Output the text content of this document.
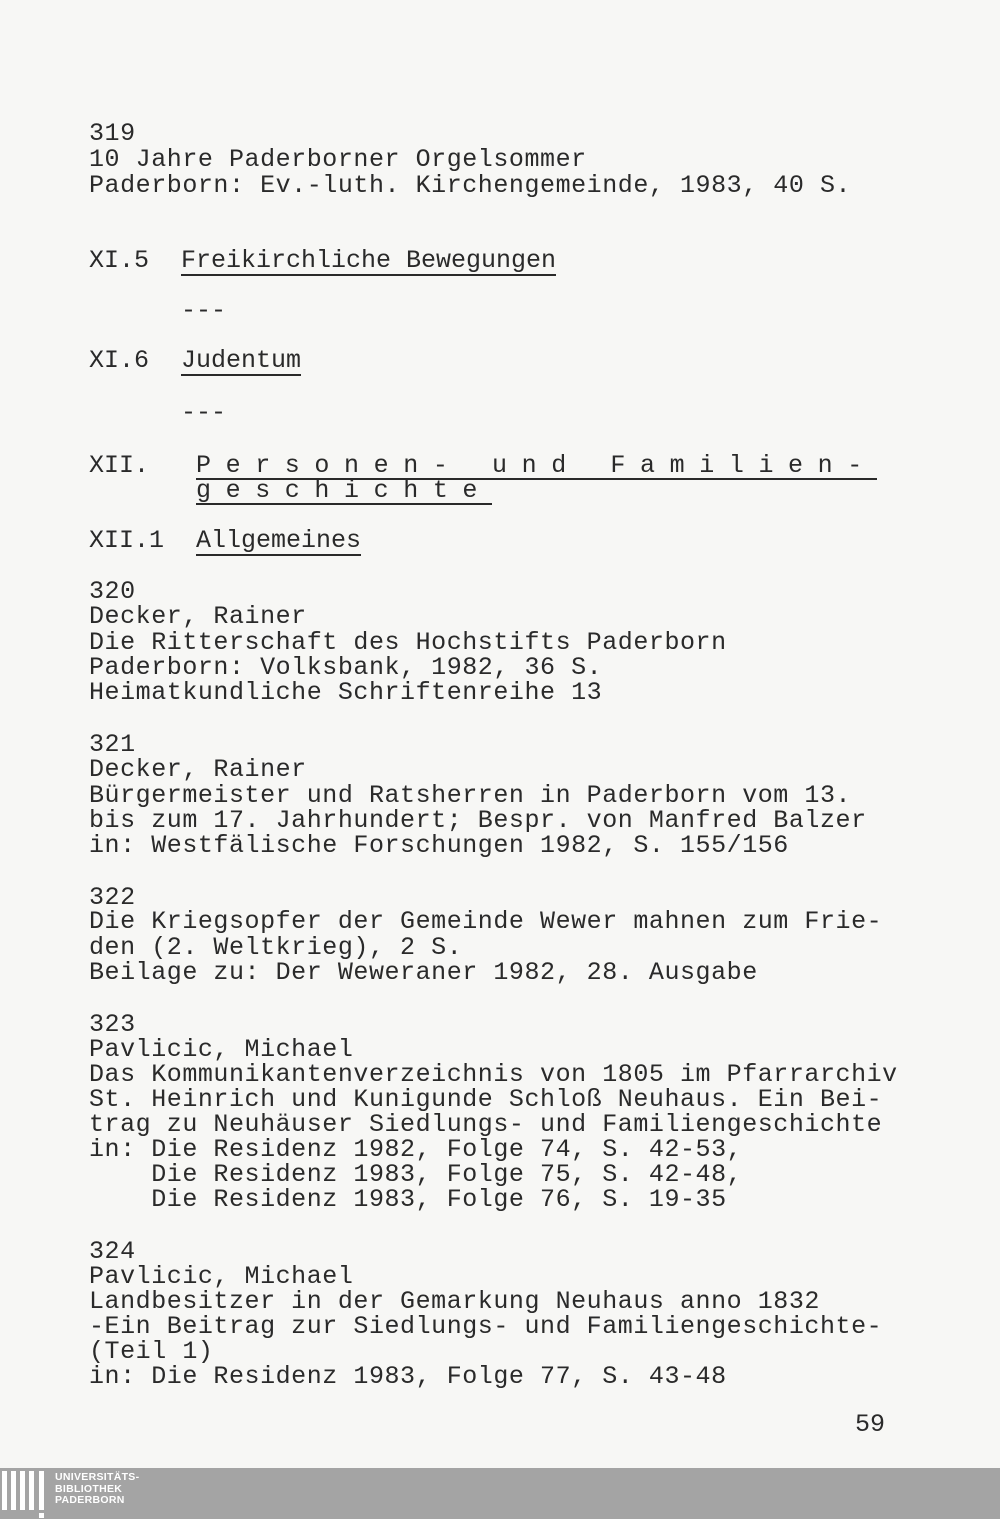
319
10 Jahre Paderborner Orgelsommer
Paderborn: Ev.-luth. Kirchengemeinde, 1983, 40 S.
XI.5 Freikirchliche Bewegungen
---
XI.6 Judentum
---
XII. Personen- und Familien-
geschichte
XII.1 Allgemeines
320
Decker, Rainer
Die Ritterschaft des Hochstifts Paderborn
Paderborn: Volksbank, 1982, 36 S.
Heimatkundliche Schriftenreihe 13
321
Decker, Rainer
Bürgermeister und Ratsherren in Paderborn vom 13.
bis zum 17. Jahrhundert; Bespr. von Manfred Balzer
in: Westfälische Forschungen 1982, S. 155/156
322
Die Kriegsopfer der Gemeinde Wewer mahnen zum Frie-
den (2. Weltkrieg), 2 S.
Beilage zu: Der Weweraner 1982, 28. Ausgabe
323
Pavlicic, Michael
Das Kommunikantenverzeichnis von 1805 im Pfarrarchiv
St. Heinrich und Kunigunde Schloß Neuhaus. Ein Bei-
trag zu Neuhäuser Siedlungs- und Familiengeschichte
in: Die Residenz 1982, Folge 74, S. 42-53,
Die Residenz 1983, Folge 75, S. 42-48,
Die Residenz 1983, Folge 76, S. 19-35
324
Pavlicic, Michael
Landbesitzer in der Gemarkung Neuhaus anno 1832
-Ein Beitrag zur Siedlungs- und Familiengeschichte-
(Teil 1)
in: Die Residenz 1983, Folge 77, S. 43-48
59
UNIVERSITÄTS-
BIBLIOTHEK
PADERBORN
